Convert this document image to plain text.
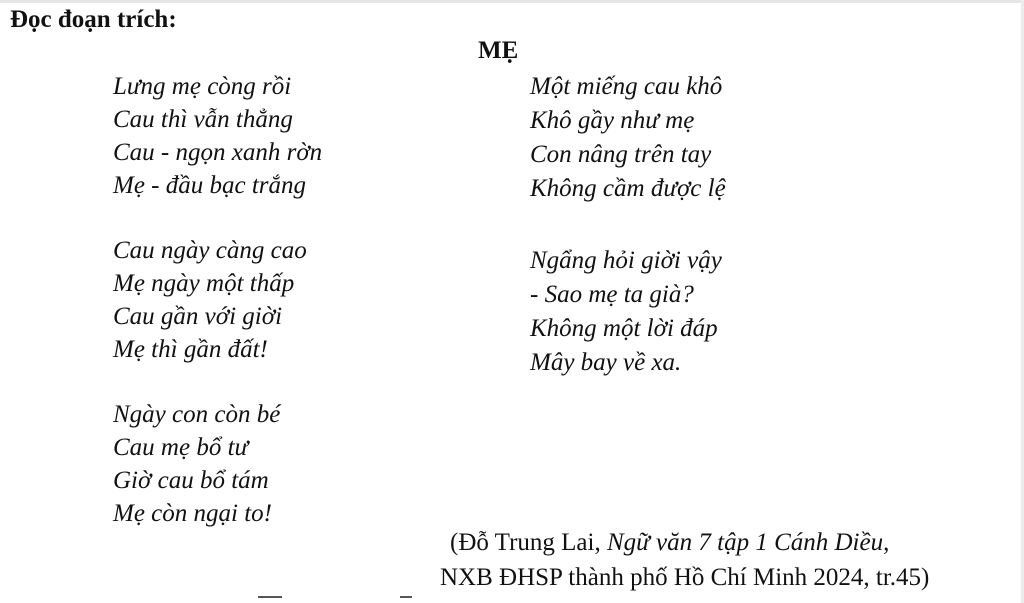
Đọc đoạn trích:
MẸ
Lưng mẹ còng rồi
Cau thì vẫn thẳng
Cau - ngọn xanh rờn
Mẹ - đầu bạc trắng
Cau ngày càng cao
Mẹ ngày một thấp
Cau gần với giời
Mẹ thì gần đất!
Ngày con còn bé
Cau mẹ bổ tư
Giờ cau bổ tám
Mẹ còn ngại to!
Một miếng cau khô
Khô gầy như mẹ
Con nâng trên tay
Không cầm được lệ
Ngẩng hỏi giời vậy
- Sao mẹ ta già?
Không một lời đáp
Mây bay về xa.
(Đỗ Trung Lai, Ngữ văn 7 tập 1 Cánh Diều,
NXB ĐHSP thành phố Hồ Chí Minh 2024, tr.45)
